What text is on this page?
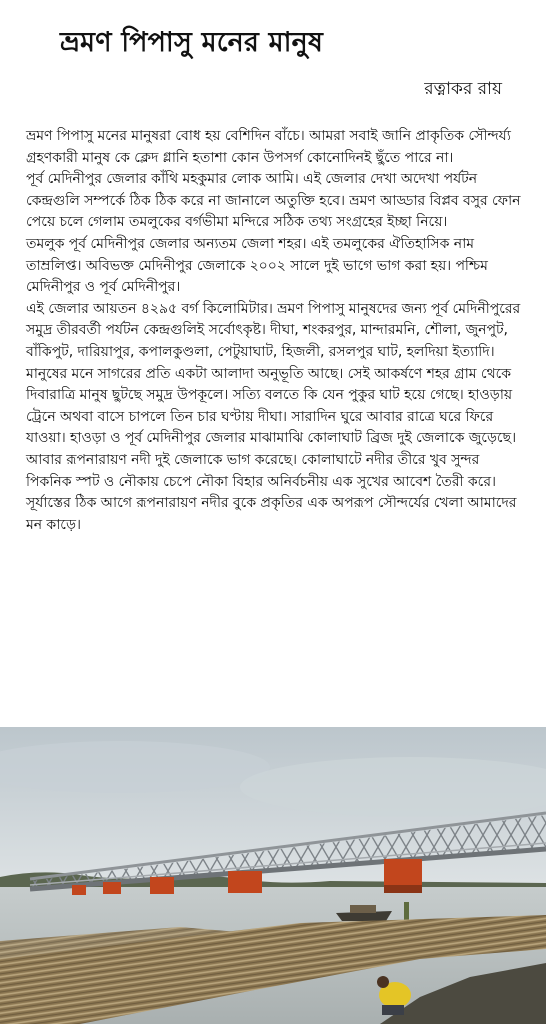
ভ্রমণ পিপাসু মনের মানুষ
রত্নাকর রায়

ভ্রমণ পিপাসু মনের মানুষরা বোধ হয় বেশিদিন বাঁচে। আমরা সবাই জানি প্রাকৃতিক সৌন্দর্য্য গ্রহণকারী মানুষ কে ক্লেদ গ্লানি হতাশা কোন উপসর্গ কোনোদিনই ছুঁতে পারে না।

পূর্ব মেদিনীপুর জেলার কাঁথি মহকুমার লোক আমি। এই জেলার দেখা অদেখা পর্যটন কেন্দ্রগুলি সম্পর্কে ঠিক ঠিক করে না জানালে অতুক্তি হবে। ভ্রমণ আড্ডার বিপ্লব বসুর ফোন পেয়ে চলে গেলাম তমলুকের বর্গভীমা মন্দিরে সঠিক তথ্য সংগ্রহের ইচ্ছা নিয়ে।

তমলুক পূর্ব মেদিনীপুর জেলার অন্যতম জেলা শহর। এই তমলুকের ঐতিহাসিক নাম তাম্রলিপ্ত। অবিভক্ত মেদিনীপুর জেলাকে ২০০২ সালে দুই ভাগে ভাগ করা হয়। পশ্চিম মেদিনীপুর ও পূর্ব মেদিনীপুর।

এই জেলার আয়তন ৪২৯৫ বর্গ কিলোমিটার। ভ্রমণ পিপাসু মানুষদের জন্য পূর্ব মেদিনীপুরের সমুদ্র তীরবর্তী পর্যটন কেন্দ্রগুলিই সর্বোৎকৃষ্ট। দীঘা, শংকরপুর, মান্দারমনি, শৌলা, জুনপুট, বাঁকিপুট, দারিয়াপুর, কপালকুণ্ডলা, পেটুয়াঘাট, হিজলী, রসলপুর ঘাট, হলদিয়া ইত্যাদি। মানুষের মনে সাগরের প্রতি একটা আলাদা অনুভূতি আছে। সেই আকর্ষণে শহর গ্রাম থেকে দিবারাত্রি মানুষ ছুটছে সমুদ্র উপকূলে। সত্যি বলতে কি যেন পুকুর ঘাট হয়ে গেছে। হাওড়ায় ট্রেনে অথবা বাসে চাপলে তিন চার ঘণ্টায় দীঘা। সারাদিন ঘুরে আবার রাত্রে ঘরে ফিরে যাওয়া। হাওড়া ও পূর্ব মেদিনীপুর জেলার মাঝামাঝি কোলাঘাট ব্রিজ দুই জেলাকে জুড়েছে। আবার রূপনারায়ণ নদী দুই জেলাকে ভাগ করেছে। কোলাঘাটে নদীর তীরে খুব সুন্দর পিকনিক স্পট ও নৌকায় চেপে নৌকা বিহার অনির্বচনীয় এক সুখের আবেশ তৈরী করে। সূর্যাস্তের ঠিক আগে রূপনারায়ণ নদীর বুকে প্রকৃতির এক অপরূপ সৌন্দর্যের খেলা আমাদের মন কাড়ে।
